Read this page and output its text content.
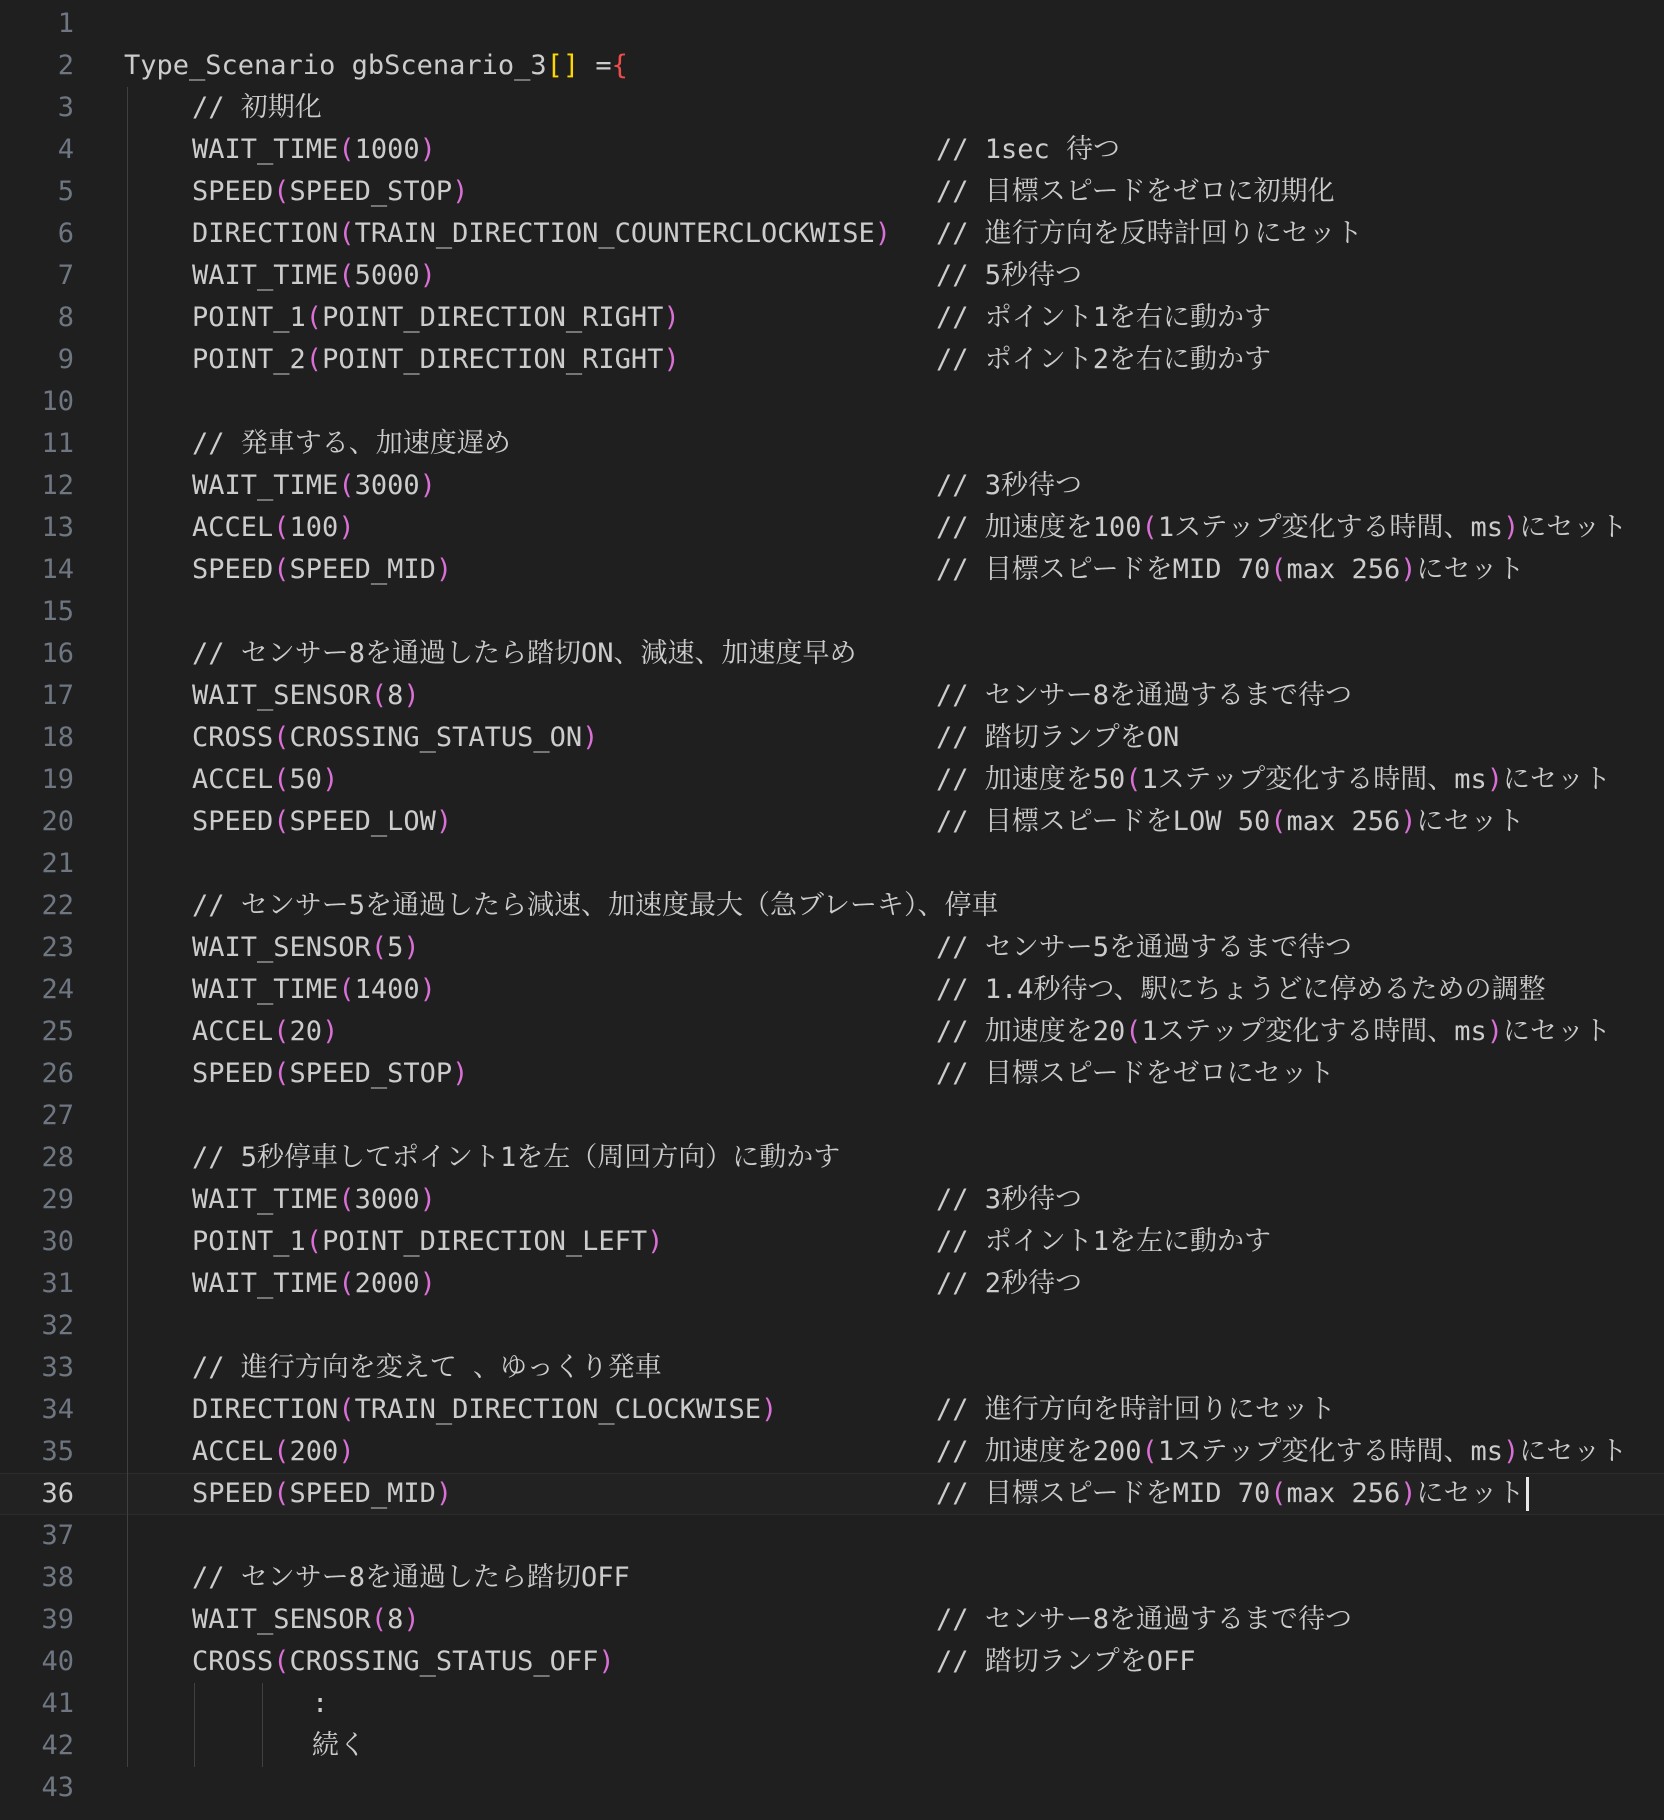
1
2 Type_Scenario gbScenario_3[] ={
3	// 初期化
4	WAIT_TIME(1000)	// 1sec 待つ
5	SPEED(SPEED_STOP)	// 目標スピードをゼロに初期化
6	DIRECTION(TRAIN_DIRECTION_COUNTERCLOCKWISE) // 進行方向を反時計回りにセット
7	WAIT_TIME(5000)	// 5秒待つ
8	POINT_1(POINT_DIRECTION_RIGHT)	// ポイント1を右に動かす
9	POINT_2(POINT_DIRECTION_RIGHT)	// ポイント2を右に動かす
10
11	// 発車する、加速度遅め
12	WAIT_TIME(3000)	// 3秒待つ
13	ACCEL(100)	// 加速度を100(1ステップ変化する時間、ms)にセット
14	SPEED(SPEED_MID)	// 目標スピードをMID 70(max 256)にセット
15
16	// センサー8を通過したら踏切ON、減速、加速度早め
17	WAIT_SENSOR(8)	// センサー8を通過するまで待つ
18	CROSS(CROSSING_STATUS_ON)	// 踏切ランプをON
19	ACCEL(50)	// 加速度を50(1ステップ変化する時間、ms)にセット
20	SPEED(SPEED_LOW)	// 目標スピードをLOW 50(max 256)にセット
21
22	// センサー5を通過したら減速、加速度最大（急ブレーキ）、停車
23	WAIT_SENSOR(5)	// センサー5を通過するまで待つ
24	WAIT_TIME(1400)	// 1.4秒待つ、駅にちょうどに停めるための調整
25	ACCEL(20)	// 加速度を20(1ステップ変化する時間、ms)にセット
26	SPEED(SPEED_STOP)	// 目標スピードをゼロにセット
27
28	// 5秒停車してポイント1を左（周回方向）に動かす
29	WAIT_TIME(3000)	// 3秒待つ
30	POINT_1(POINT_DIRECTION_LEFT)	// ポイント1を左に動かす
31	WAIT_TIME(2000)	// 2秒待つ
32
33	// 進行方向を変えて 、ゆっくり発車
34	DIRECTION(TRAIN_DIRECTION_CLOCKWISE)	// 進行方向を時計回りにセット
35	ACCEL(200)	// 加速度を200(1ステップ変化する時間、ms)にセット
36	SPEED(SPEED_MID)	// 目標スピードをMID 70(max 256)にセット
37
38	// センサー8を通過したら踏切OFF
39	WAIT_SENSOR(8)	// センサー8を通過するまで待つ
40	CROSS(CROSSING_STATUS_OFF)	// 踏切ランプをOFF
41	:
42	続く
43
